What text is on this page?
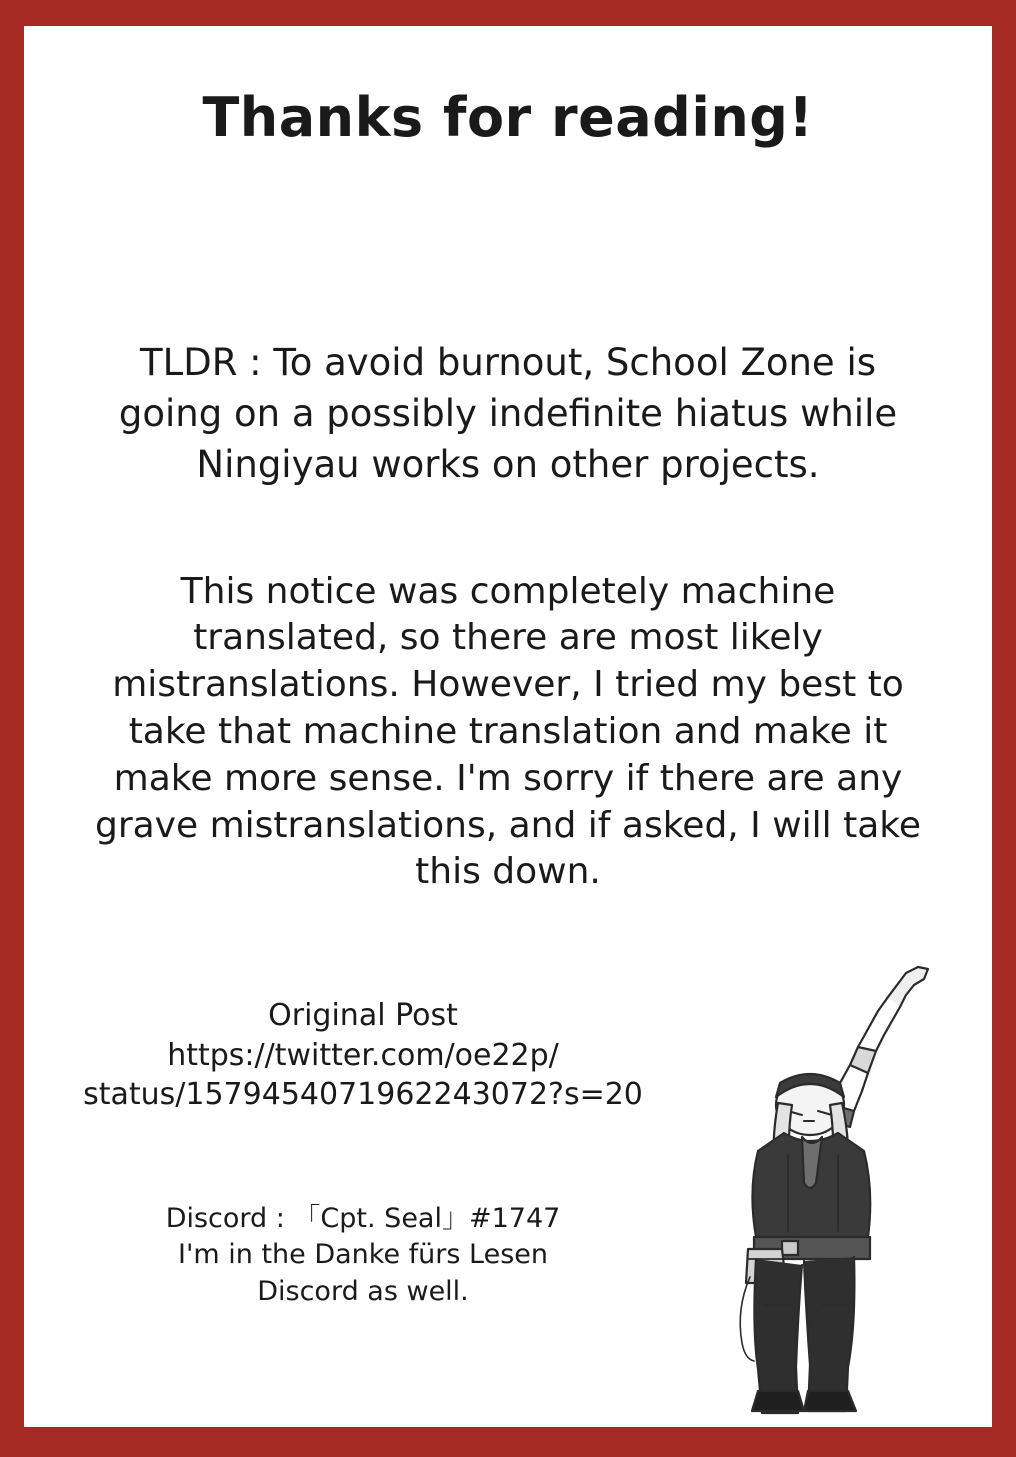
Thanks for reading!

TLDR : To avoid burnout, School Zone is going on a possibly indefinite hiatus while Ningiyau works on other projects.

This notice was completely machine translated, so there are most likely mistranslations. However, I tried my best to take that machine translation and make it make more sense. I'm sorry if there are any grave mistranslations, and if asked, I will take this down.

Original Post
https://twitter.com/oe22p/
status/1579454071962243072?s=20
Discord : 「Cpt. Seal」#1747
I'm in the Danke fürs Lesen
Discord as well.
